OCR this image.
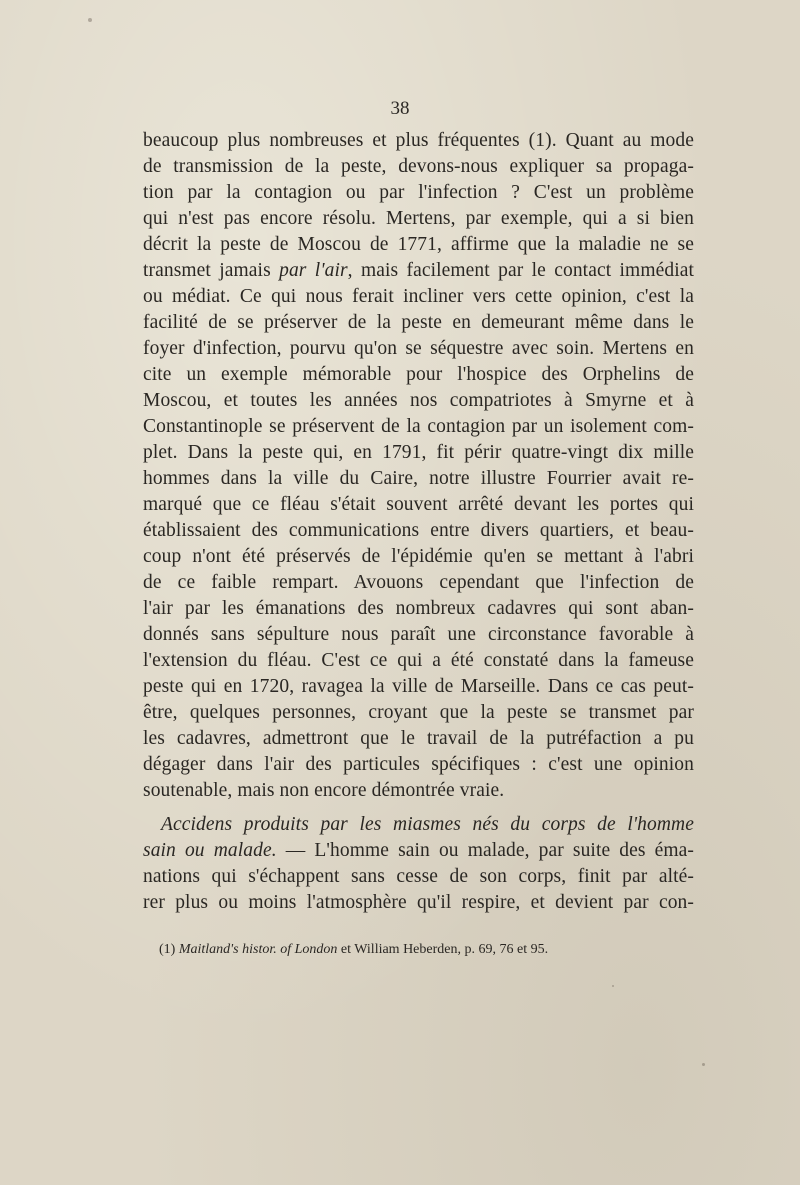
38
beaucoup plus nombreuses et plus fréquentes (1). Quant au mode
de transmission de la peste, devons-nous expliquer sa propaga-
tion par la contagion ou par l'infection ? C'est un problème
qui n'est pas encore résolu. Mertens, par exemple, qui a si bien
décrit la peste de Moscou de 1771, affirme que la maladie ne se
transmet jamais par l'air, mais facilement par le contact immédiat
ou médiat. Ce qui nous ferait incliner vers cette opinion, c'est la
facilité de se préserver de la peste en demeurant même dans le
foyer d'infection, pourvu qu'on se séquestre avec soin. Mertens en
cite un exemple mémorable pour l'hospice des Orphelins de
Moscou, et toutes les années nos compatriotes à Smyrne et à
Constantinople se préservent de la contagion par un isolement com-
plet. Dans la peste qui, en 1791, fit périr quatre-vingt dix mille
hommes dans la ville du Caire, notre illustre Fourrier avait re-
marqué que ce fléau s'était souvent arrêté devant les portes qui
établissaient des communications entre divers quartiers, et beau-
coup n'ont été préservés de l'épidémie qu'en se mettant à l'abri
de ce faible rempart. Avouons cependant que l'infection de
l'air par les émanations des nombreux cadavres qui sont aban-
donnés sans sépulture nous paraît une circonstance favorable à
l'extension du fléau. C'est ce qui a été constaté dans la fameuse
peste qui en 1720, ravagea la ville de Marseille. Dans ce cas peut-
être, quelques personnes, croyant que la peste se transmet par
les cadavres, admettront que le travail de la putréfaction a pu
dégager dans l'air des particules spécifiques : c'est une opinion
soutenable, mais non encore démontrée vraie.
Accidens produits par les miasmes nés du corps de l'homme
sain ou malade. — L'homme sain ou malade, par suite des éma-
nations qui s'échappent sans cesse de son corps, finit par alté-
rer plus ou moins l'atmosphère qu'il respire, et devient par con-
(1) Maitland's histor. of London et William Heberden, p. 69, 76 et 95.
